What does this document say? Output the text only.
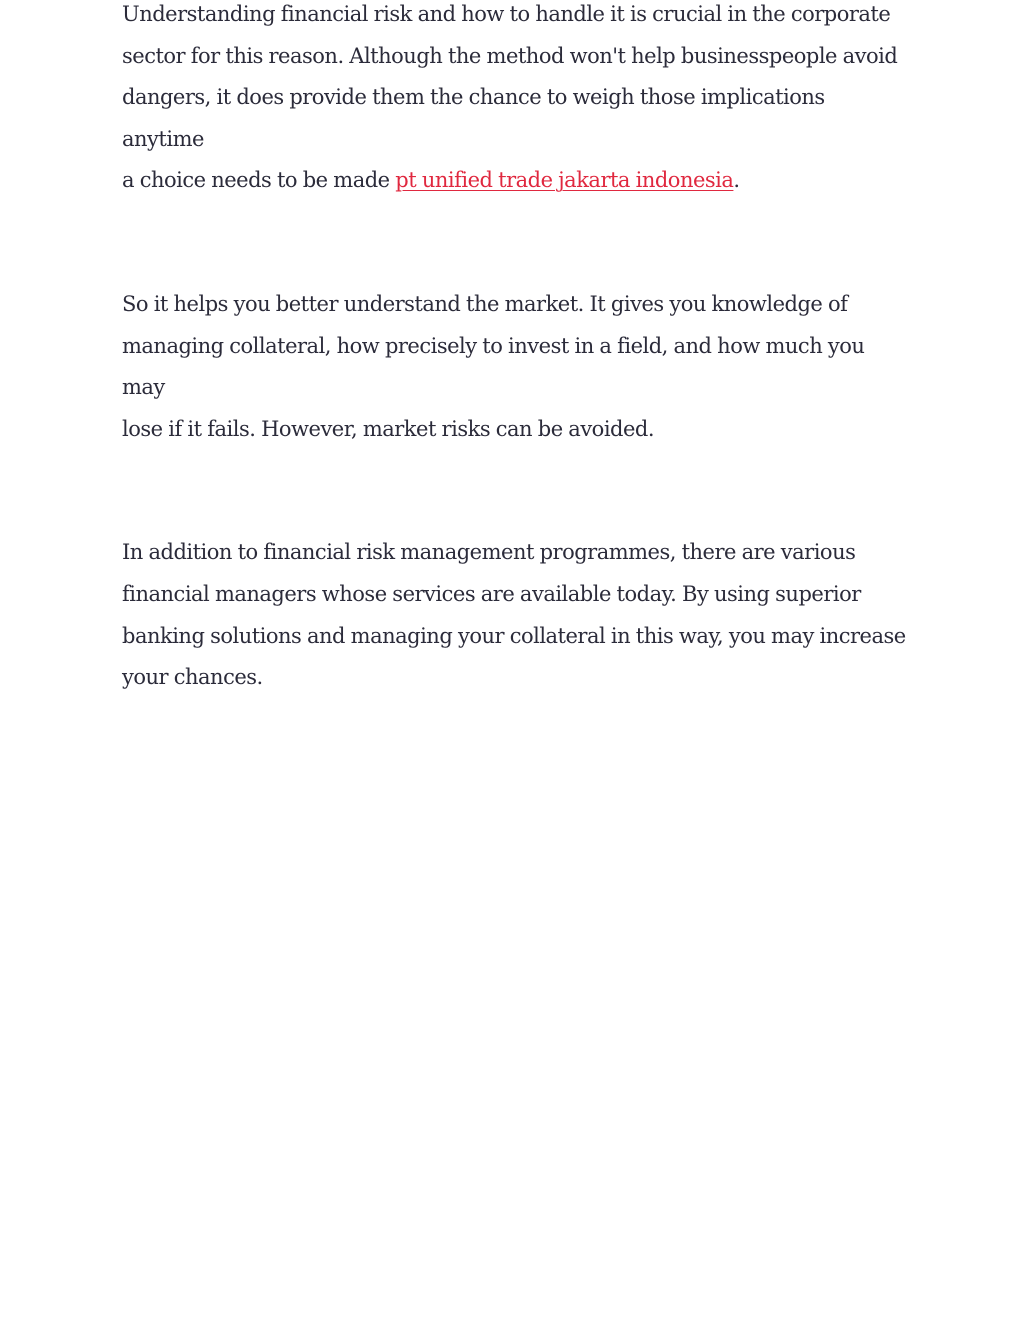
Understanding financial risk and how to handle it is crucial in the corporate
sector for this reason. Although the method won't help businesspeople avoid
dangers, it does provide them the chance to weigh those implications anytime
a choice needs to be made pt unified trade jakarta indonesia.

So it helps you better understand the market. It gives you knowledge of
managing collateral, how precisely to invest in a field, and how much you may
lose if it fails. However, market risks can be avoided.

In addition to financial risk management programmes, there are various
financial managers whose services are available today. By using superior
banking solutions and managing your collateral in this way, you may increase
your chances.
